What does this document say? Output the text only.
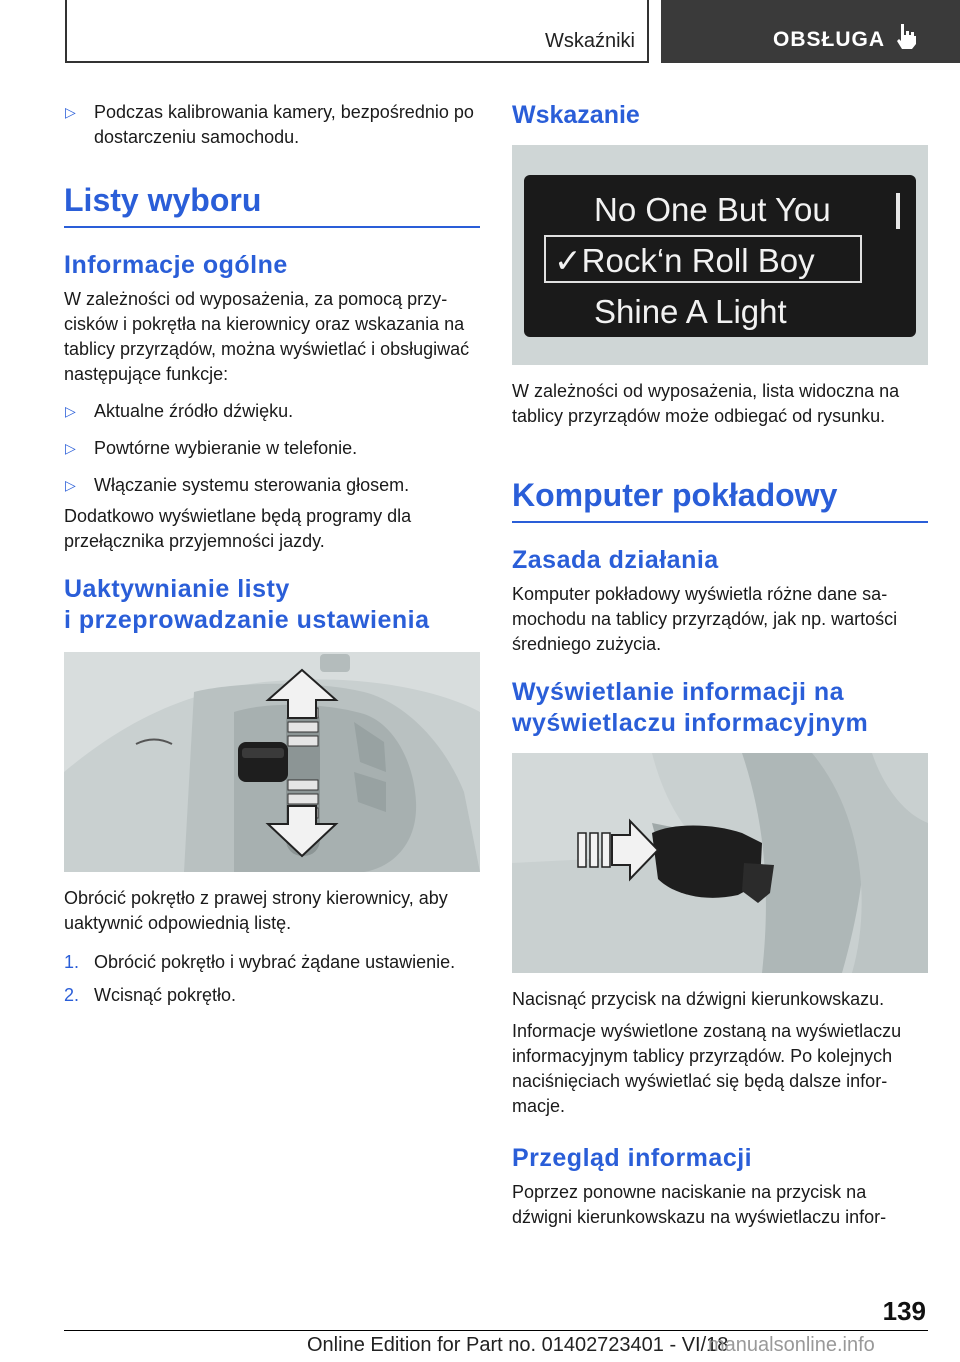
Wskaźniki	OBSŁUGA
▷ Podczas kalibrowania kamery, bezpośrednio po dostarczeniu samochodu.
Listy wyboru
Informacje ogólne

W zależności od wyposażenia, za pomocą przycisków i pokrętła na kierownicy oraz wskazania na tablicy przyrządów, można wyświetlać i obsługiwać następujące funkcje:

▷ Aktualne źródło dźwięku.
▷ Powtórne wybieranie w telefonie.
▷ Włączanie systemu sterowania głosem.

Dodatkowo wyświetlane będą programy dla przełącznika przyjemności jazdy.

Uaktywnianie listy
i przeprowadzanie ustawienia

Obrócić pokrętło z prawej strony kierownicy, aby uaktywnić odpowiednią listę.

1. Obrócić pokrętło i wybrać żądane ustawienie.
2. Wcisnąć pokrętło.
Wskazanie
No One But You
✓Rock‘n Roll Boy
Shine A Light

W zależności od wyposażenia, lista widoczna na tablicy przyrządów może odbiegać od rysunku.

Komputer pokładowy
Zasada działania

Komputer pokładowy wyświetla różne dane samochodu na tablicy przyrządów, jak np. wartości średniego zużycia.

Wyświetlanie informacji na
wyświetlaczu informacyjnym

Nacisnąć przycisk na dźwigni kierunkowskazu.

Informacje wyświetlone zostaną na wyświetlaczu informacyjnym tablicy przyrządów. Po kolejnych naciśnięciach wyświetlać się będą dalsze informacje.

Przegląd informacji

Poprzez ponowne naciskanie na przycisk na dźwigni kierunkowskazu na wyświetlaczu infor-

139
Online Edition for Part no. 01402723401 - VI/18
manualsonline.info
